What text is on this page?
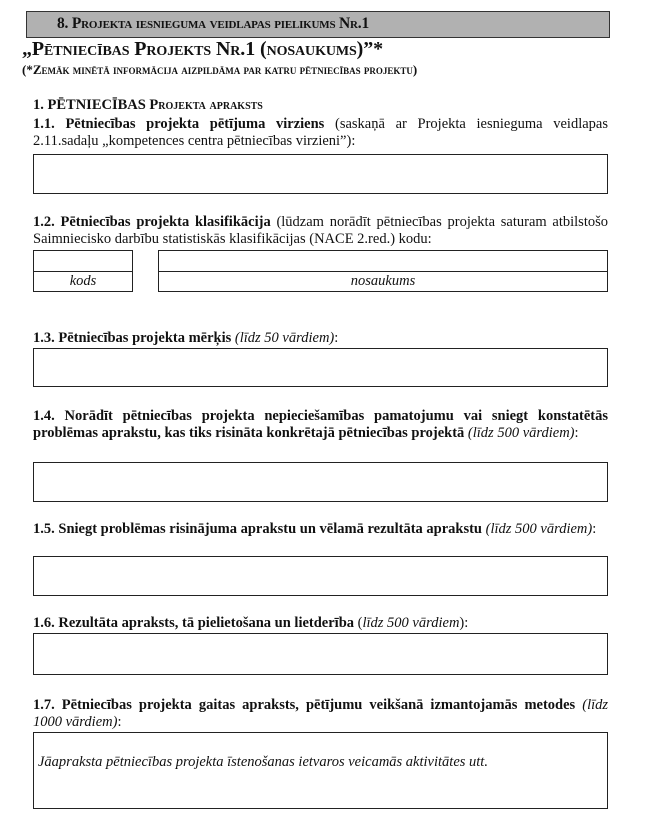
8. Projekta iesnieguma veidlapas pielikums Nr.1
„Pētniecības Projekts Nr.1 (nosaukums)”*
(*Zemāk minētā informācija aizpildāma par katru pētniecības projektu)
1. PĒTNIECĪBAS Projekta apraksts
1.1. Pētniecības projekta pētījuma virziens (saskaņā ar Projekta iesnieguma veidlapas 2.11.sadaļu „kompetences centra pētniecības virzieni”):
1.2. Pētniecības projekta klasifikācija (lūdzam norādīt pētniecības projekta saturam atbilstošo Saimniecisko darbību statistiskās klasifikācijas (NACE 2.red.) kodu:
kods	nosaukums
1.3. Pētniecības projekta mērķis (līdz 50 vārdiem):
1.4. Norādīt pētniecības projekta nepieciešamības pamatojumu vai sniegt konstatētās problēmas aprakstu, kas tiks risināta konkrētajā pētniecības projektā (līdz 500 vārdiem):
1.5. Sniegt problēmas risinājuma aprakstu un vēlamā rezultāta aprakstu (līdz 500 vārdiem):
1.6. Rezultāta apraksts, tā pielietošana un lietderība (līdz 500 vārdiem):
1.7. Pētniecības projekta gaitas apraksts, pētījumu veikšanā izmantojamās metodes (līdz 1000 vārdiem):
Jāapraksta pētniecības projekta īstenošanas ietvaros veicamās aktivitātes utt.
